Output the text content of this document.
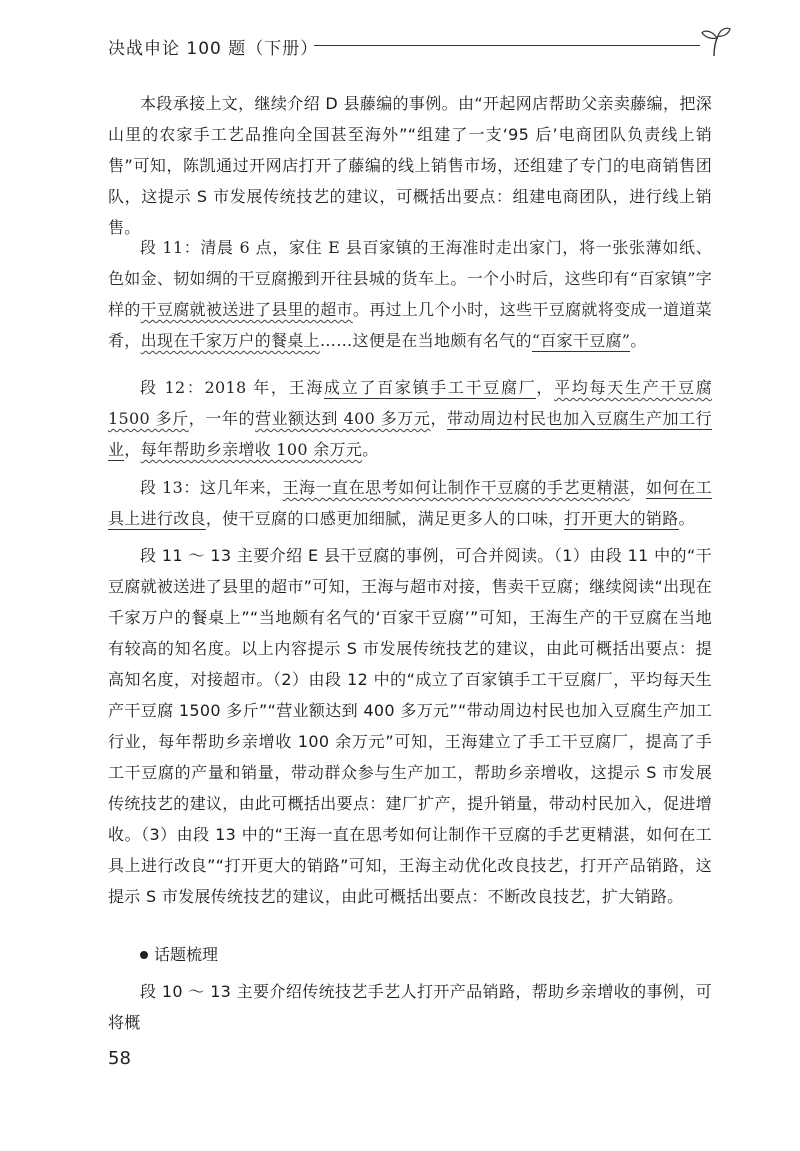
决战申论 100 题（下册）

本段承接上文，继续介绍 D 县藤编的事例。由“开起网店帮助父亲卖藤编，把深山里的农家手工艺品推向全国甚至海外”“组建了一支‘95 后’电商团队负责线上销售”可知，陈凯通过开网店打开了藤编的线上销售市场，还组建了专门的电商销售团队，这提示 S 市发展传统技艺的建议，可概括出要点：组建电商团队，进行线上销售。

段 11：清晨 6 点，家住 E 县百家镇的王海准时走出家门，将一张张薄如纸、色如金、韧如绸的干豆腐搬到开往县城的货车上。一个小时后，这些印有“百家镇”字样的干豆腐就被送进了县里的超市。再过上几个小时，这些干豆腐就将变成一道道菜肴，出现在千家万户的餐桌上……这便是在当地颇有名气的“百家干豆腐”。

段 12：2018 年，王海成立了百家镇手工干豆腐厂，平均每天生产干豆腐 1500 多斤，一年的营业额达到 400 多万元，带动周边村民也加入豆腐生产加工行业，每年帮助乡亲增收 100 余万元。

段 13：这几年来，王海一直在思考如何让制作干豆腐的手艺更精湛，如何在工具上进行改良，使干豆腐的口感更加细腻，满足更多人的口味，打开更大的销路。

段 11 ～ 13 主要介绍 E 县干豆腐的事例，可合并阅读。（1）由段 11 中的“干豆腐就被送进了县里的超市”可知，王海与超市对接，售卖干豆腐；继续阅读“出现在千家万户的餐桌上”“当地颇有名气的‘百家干豆腐’”可知，王海生产的干豆腐在当地有较高的知名度。以上内容提示 S 市发展传统技艺的建议，由此可概括出要点：提高知名度，对接超市。（2）由段 12 中的“成立了百家镇手工干豆腐厂，平均每天生产干豆腐 1500 多斤”“营业额达到 400 多万元”“带动周边村民也加入豆腐生产加工行业，每年帮助乡亲增收 100 余万元”可知，王海建立了手工干豆腐厂，提高了手工干豆腐的产量和销量，带动群众参与生产加工，帮助乡亲增收，这提示 S 市发展传统技艺的建议，由此可概括出要点：建厂扩产，提升销量，带动村民加入，促进增收。（3）由段 13 中的“王海一直在思考如何让制作干豆腐的手艺更精湛，如何在工具上进行改良”“打开更大的销路”可知，王海主动优化改良技艺，打开产品销路，这提示 S 市发展传统技艺的建议，由此可概括出要点：不断改良技艺，扩大销路。

话题梳理

段 10 ～ 13 主要介绍传统技艺手艺人打开产品销路，帮助乡亲增收的事例，可将概

58
